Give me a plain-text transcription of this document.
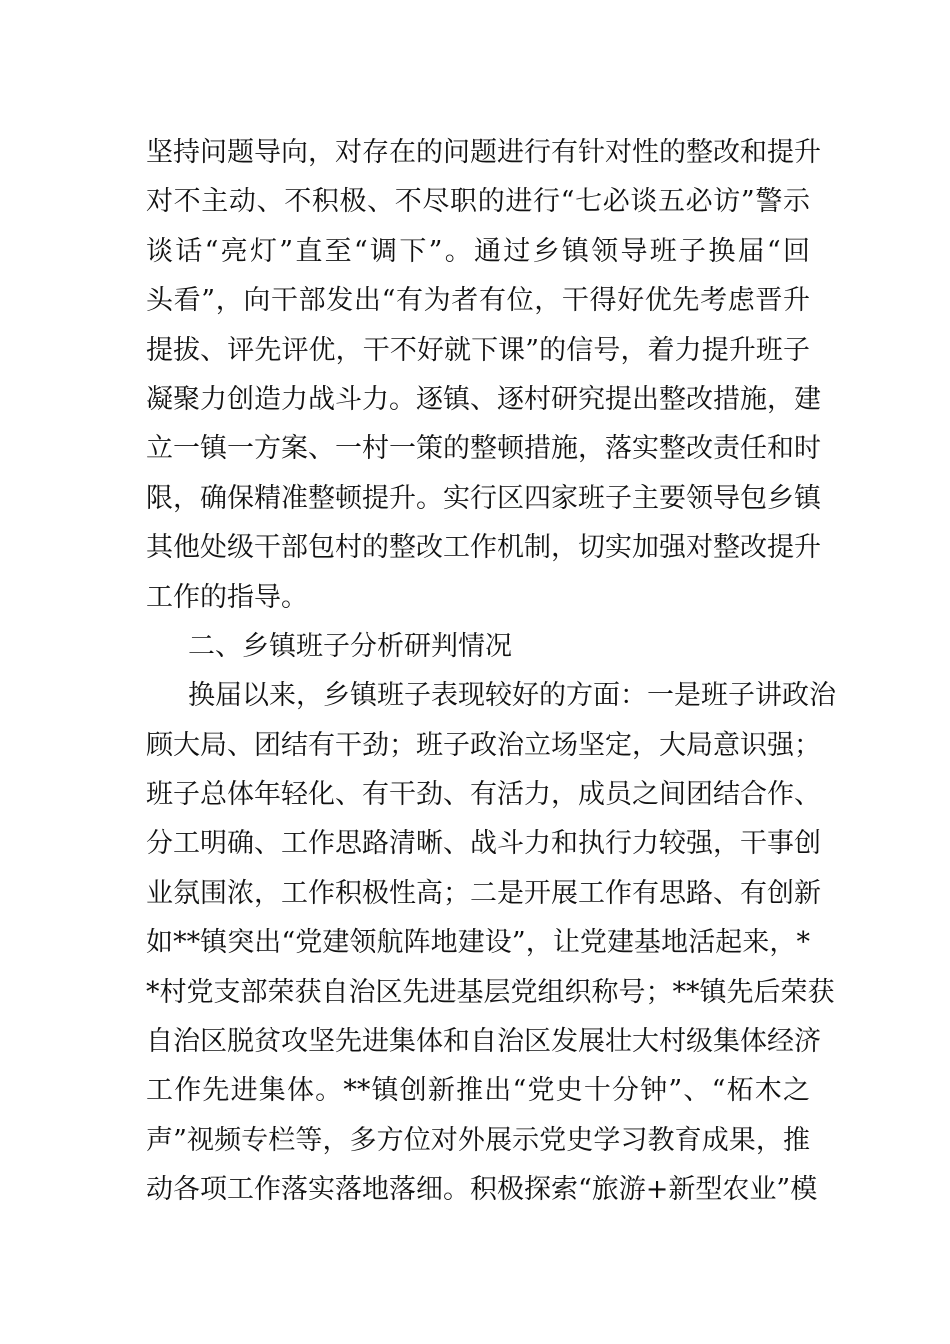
坚持问题导向，对存在的问题进行有针对性的整改和提升
对不主动、不积极、不尽职的进行“七必谈五必访”警示
谈话“亮灯”直至“调下”。通过乡镇领导班子换届“回
头看”，向干部发出“有为者有位，干得好优先考虑晋升
提拔、评先评优，干不好就下课”的信号，着力提升班子
凝聚力创造力战斗力。逐镇、逐村研究提出整改措施，建
立一镇一方案、一村一策的整顿措施，落实整改责任和时
限，确保精准整顿提升。实行区四家班子主要领导包乡镇
其他处级干部包村的整改工作机制，切实加强对整改提升
工作的指导。
二、乡镇班子分析研判情况
换届以来，乡镇班子表现较好的方面：一是班子讲政治
顾大局、团结有干劲；班子政治立场坚定，大局意识强；
班子总体年轻化、有干劲、有活力，成员之间团结合作、
分工明确、工作思路清晰、战斗力和执行力较强，干事创
业氛围浓，工作积极性高；二是开展工作有思路、有创新
如**镇突出“党建领航阵地建设”，让党建基地活起来，*
*村党支部荣获自治区先进基层党组织称号；**镇先后荣获
自治区脱贫攻坚先进集体和自治区发展壮大村级集体经济
工作先进集体。**镇创新推出“党史十分钟”、“柘木之
声”视频专栏等，多方位对外展示党史学习教育成果，推
动各项工作落实落地落细。积极探索“旅游+新型农业”模
